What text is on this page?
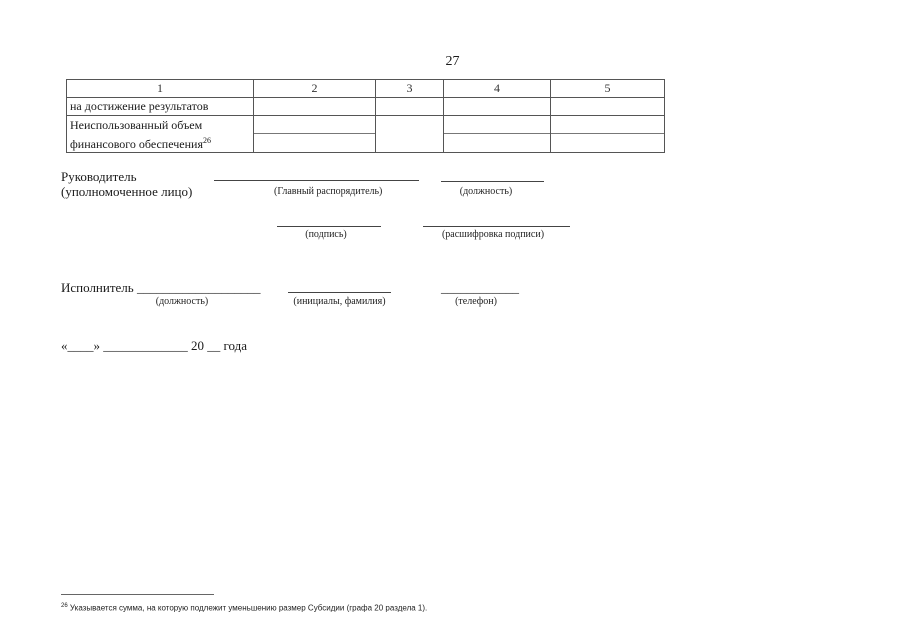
27
1	2	3	4	5
на достижение результатов				

Неиспользованный объем
финансового обеспечения$^{26}$

Руководитель
(уполномоченное лицо)	(Главный распорядитель)	(должность)
(подпись)	(расшифровка подписи)
Исполнитель ___________________
(должность)	(инициалы, фамилия)
____________
(телефон)
«____» _____________ 20 __ года
$^{26}$ Указывается сумма, на которую подлежит уменьшению размер Субсидии (графа 20 раздела 1).
